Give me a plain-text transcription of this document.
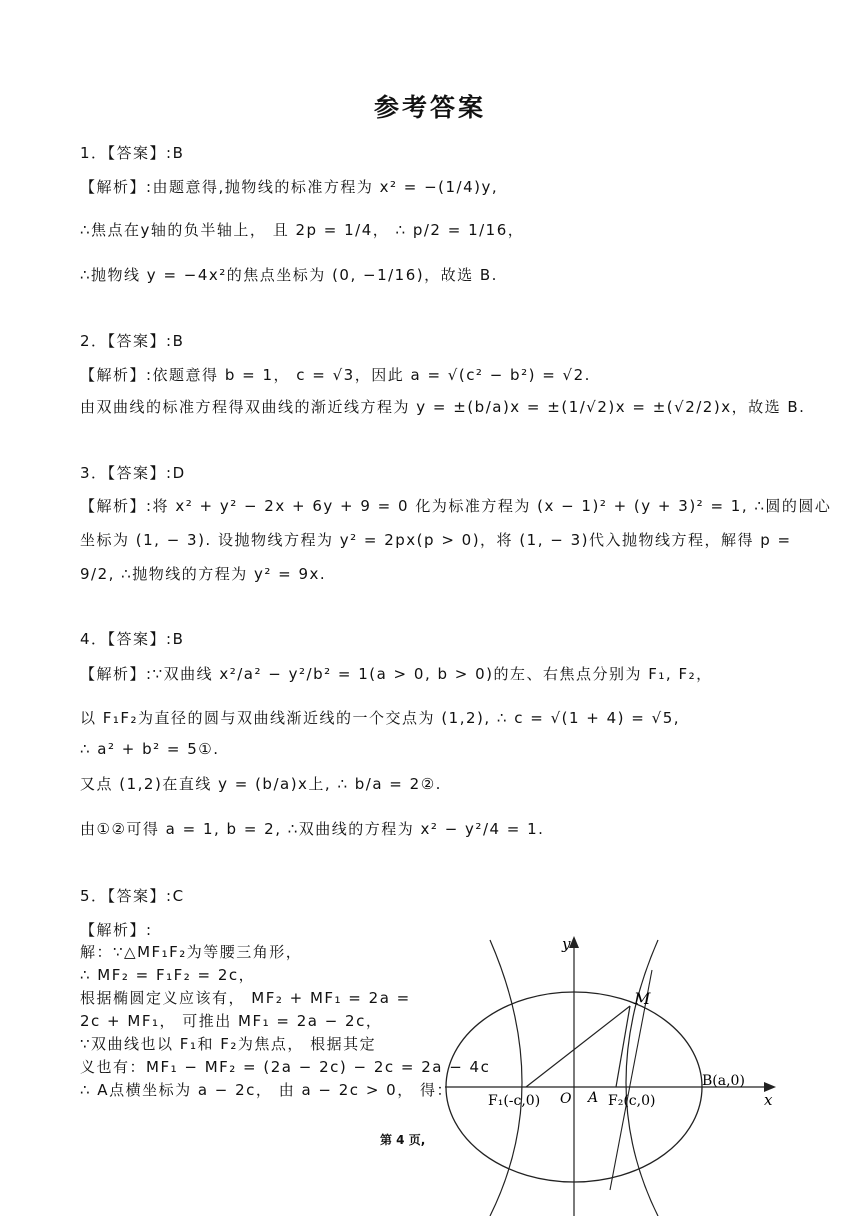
参考答案
1．【答案】:B
【解析】:由题意得,抛物线的标准方程为 x² = −(1/4)y,
∴焦点在y轴的负半轴上， 且 2p = 1/4， ∴ p/2 = 1/16，
∴抛物线 y = −4x²的焦点坐标为 (0, −1/16)，故选 B.
2．【答案】:B
【解析】:依题意得 b = 1， c = √3，因此 a = √(c² − b²) = √2.
由双曲线的标准方程得双曲线的渐近线方程为 y = ±(b/a)x = ±(1/√2)x = ±(√2/2)x，故选 B.
3．【答案】:D
【解析】:将 x² + y² − 2x + 6y + 9 = 0 化为标准方程为 (x − 1)² + (y + 3)² = 1, ∴圆的圆心
坐标为 (1, − 3). 设抛物线方程为 y² = 2px(p > 0)，将 (1, − 3)代入抛物线方程，解得 p =
9/2, ∴抛物线的方程为 y² = 9x.
4．【答案】:B
【解析】:∵双曲线 x²/a² − y²/b² = 1(a > 0, b > 0)的左、右焦点分别为 F₁, F₂，
以 F₁F₂为直径的圆与双曲线渐近线的一个交点为 (1,2), ∴ c = √(1 + 4) = √5,
∴ a² + b² = 5①.
又点 (1,2)在直线 y = (b/a)x上, ∴ b/a = 2②.
由①②可得 a = 1, b = 2, ∴双曲线的方程为 x² − y²/4 = 1.
5．【答案】:C
【解析】:
解：∵△MF₁F₂为等腰三角形，
∴ MF₂ = F₁F₂ = 2c，
根据椭圆定义应该有， MF₂ + MF₁ = 2a =
2c + MF₁， 可推出 MF₁ = 2a − 2c，
∵双曲线也以 F₁和 F₂为焦点， 根据其定
义也有：MF₁ − MF₂ = (2a − 2c) − 2c = 2a − 4c
∴ A点横坐标为 a − 2c， 由 a − 2c > 0， 得：
第 4 页,
y
x
M
F₁(-c,0) O A F₂(c,0)
B(a,0)
